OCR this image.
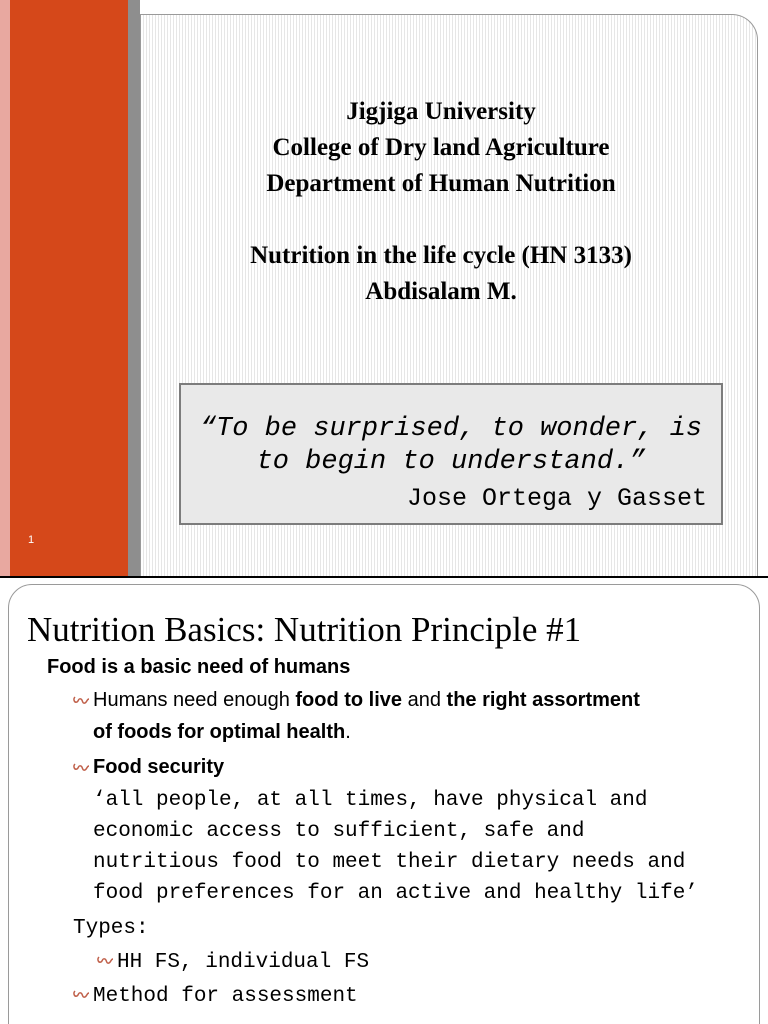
Jigjiga University
College of Dry land Agriculture
Department of Human Nutrition
Nutrition in the life cycle (HN 3133)
Abdisalam M.
“To be surprised, to wonder, is
to begin to understand.”
Jose Ortega y Gasset
1
Nutrition Basics: Nutrition Principle #1
Food is a basic need of humans
Humans need enough food to live and the right assortment
of foods for optimal health.
Food security
‘all people, at all times, have physical and
economic access to sufficient, safe and
nutritious food to meet their dietary needs and
food preferences for an active and healthy life’
Types:
HH FS, individual FS
Method for assessment
